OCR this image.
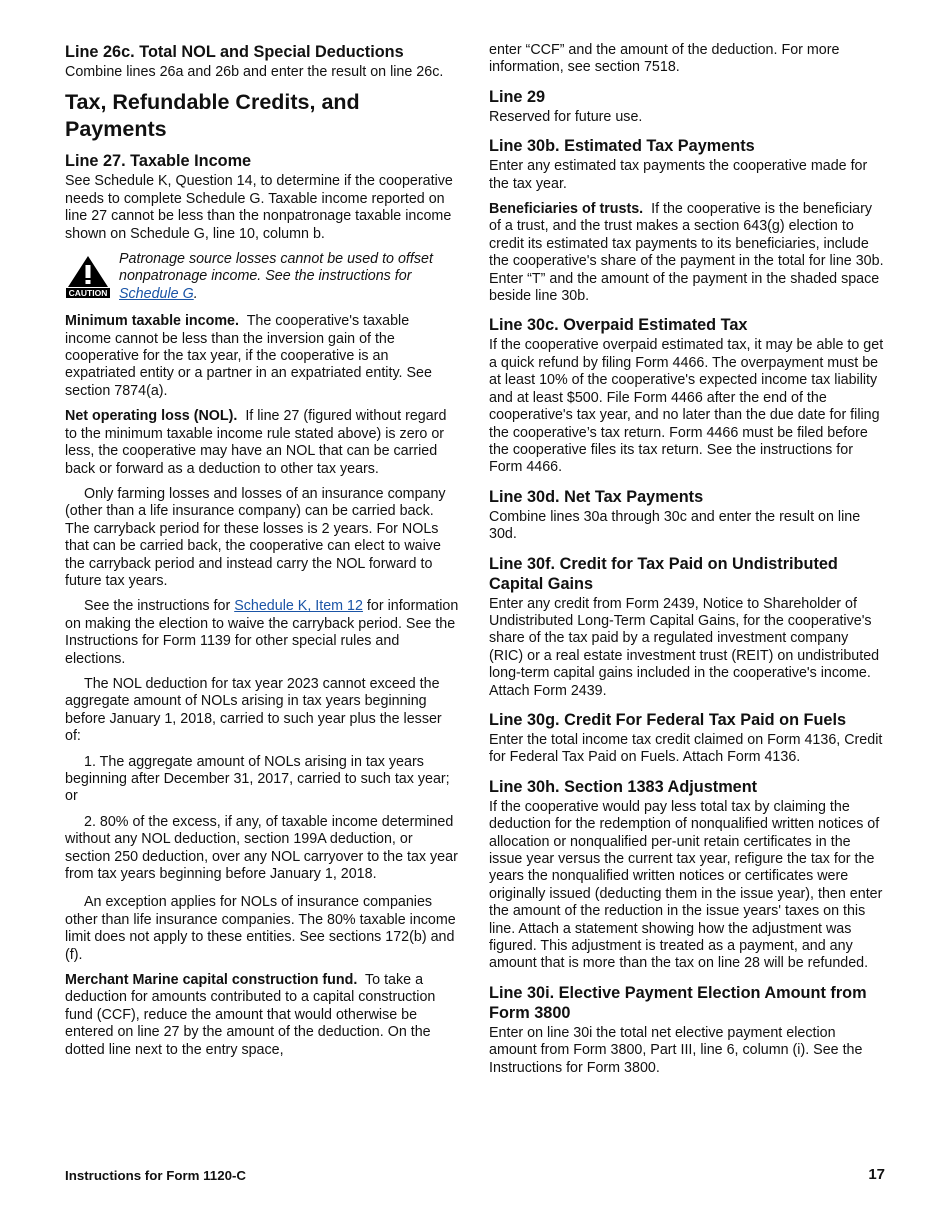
Line 26c. Total NOL and Special Deductions

Combine lines 26a and 26b and enter the result on line 26c.

Tax, Refundable Credits, and Payments
Line 27. Taxable Income

See Schedule K, Question 14, to determine if the cooperative needs to complete Schedule G. Taxable income reported on line 27 cannot be less than the nonpatronage taxable income shown on Schedule G, line 10, column b.

CAUTION

Patronage source losses cannot be used to offset nonpatronage income. See the instructions for Schedule G.

Minimum taxable income. The cooperative's taxable income cannot be less than the inversion gain of the cooperative for the tax year, if the cooperative is an expatriated entity or a partner in an expatriated entity. See section 7874(a).

Net operating loss (NOL). If line 27 (figured without regard to the minimum taxable income rule stated above) is zero or less, the cooperative may have an NOL that can be carried back or forward as a deduction to other tax years.

Only farming losses and losses of an insurance company (other than a life insurance company) can be carried back. The carryback period for these losses is 2 years. For NOLs that can be carried back, the cooperative can elect to waive the carryback period and instead carry the NOL forward to future tax years.

See the instructions for Schedule K, Item 12 for information on making the election to waive the carryback period. See the Instructions for Form 1139 for other special rules and elections.

The NOL deduction for tax year 2023 cannot exceed the aggregate amount of NOLs arising in tax years beginning before January 1, 2018, carried to such year plus the lesser of:

1. The aggregate amount of NOLs arising in tax years beginning after December 31, 2017, carried to such tax year; or

2. 80% of the excess, if any, of taxable income determined without any NOL deduction, section 199A deduction, or section 250 deduction, over any NOL carryover to the tax year from tax years beginning before January 1, 2018.

An exception applies for NOLs of insurance companies other than life insurance companies. The 80% taxable income limit does not apply to these entities. See sections 172(b) and (f).

Merchant Marine capital construction fund. To take a deduction for amounts contributed to a capital construction fund (CCF), reduce the amount that would otherwise be entered on line 27 by the amount of the deduction. On the dotted line next to the entry space,

enter “CCF” and the amount of the deduction. For more information, see section 7518.

Line 29

Reserved for future use.

Line 30b. Estimated Tax Payments

Enter any estimated tax payments the cooperative made for the tax year.

Beneficiaries of trusts. If the cooperative is the beneficiary of a trust, and the trust makes a section 643(g) election to credit its estimated tax payments to its beneficiaries, include the cooperative's share of the payment in the total for line 30b. Enter “T” and the amount of the payment in the shaded space beside line 30b.

Line 30c. Overpaid Estimated Tax

If the cooperative overpaid estimated tax, it may be able to get a quick refund by filing Form 4466. The overpayment must be at least 10% of the cooperative's expected income tax liability and at least $500. File Form 4466 after the end of the cooperative's tax year, and no later than the due date for filing the cooperative’s tax return. Form 4466 must be filed before the cooperative files its tax return. See the instructions for Form 4466.

Line 30d. Net Tax Payments

Combine lines 30a through 30c and enter the result on line 30d.

Line 30f. Credit for Tax Paid on Undistributed Capital Gains

Enter any credit from Form 2439, Notice to Shareholder of Undistributed Long-Term Capital Gains, for the cooperative's share of the tax paid by a regulated investment company (RIC) or a real estate investment trust (REIT) on undistributed long-term capital gains included in the cooperative's income. Attach Form 2439.

Line 30g. Credit For Federal Tax Paid on Fuels

Enter the total income tax credit claimed on Form 4136, Credit for Federal Tax Paid on Fuels. Attach Form 4136.

Line 30h. Section 1383 Adjustment

If the cooperative would pay less total tax by claiming the deduction for the redemption of nonqualified written notices of allocation or nonqualified per-unit retain certificates in the issue year versus the current tax year, refigure the tax for the years the nonqualified written notices or certificates were originally issued (deducting them in the issue year), then enter the amount of the reduction in the issue years' taxes on this line. Attach a statement showing how the adjustment was figured. This adjustment is treated as a payment, and any amount that is more than the tax on line 28 will be refunded.

Line 30i. Elective Payment Election Amount from Form 3800

Enter on line 30i the total net elective payment election amount from Form 3800, Part III, line 6, column (i). See the Instructions for Form 3800.

Instructions for Form 1120-C	17
